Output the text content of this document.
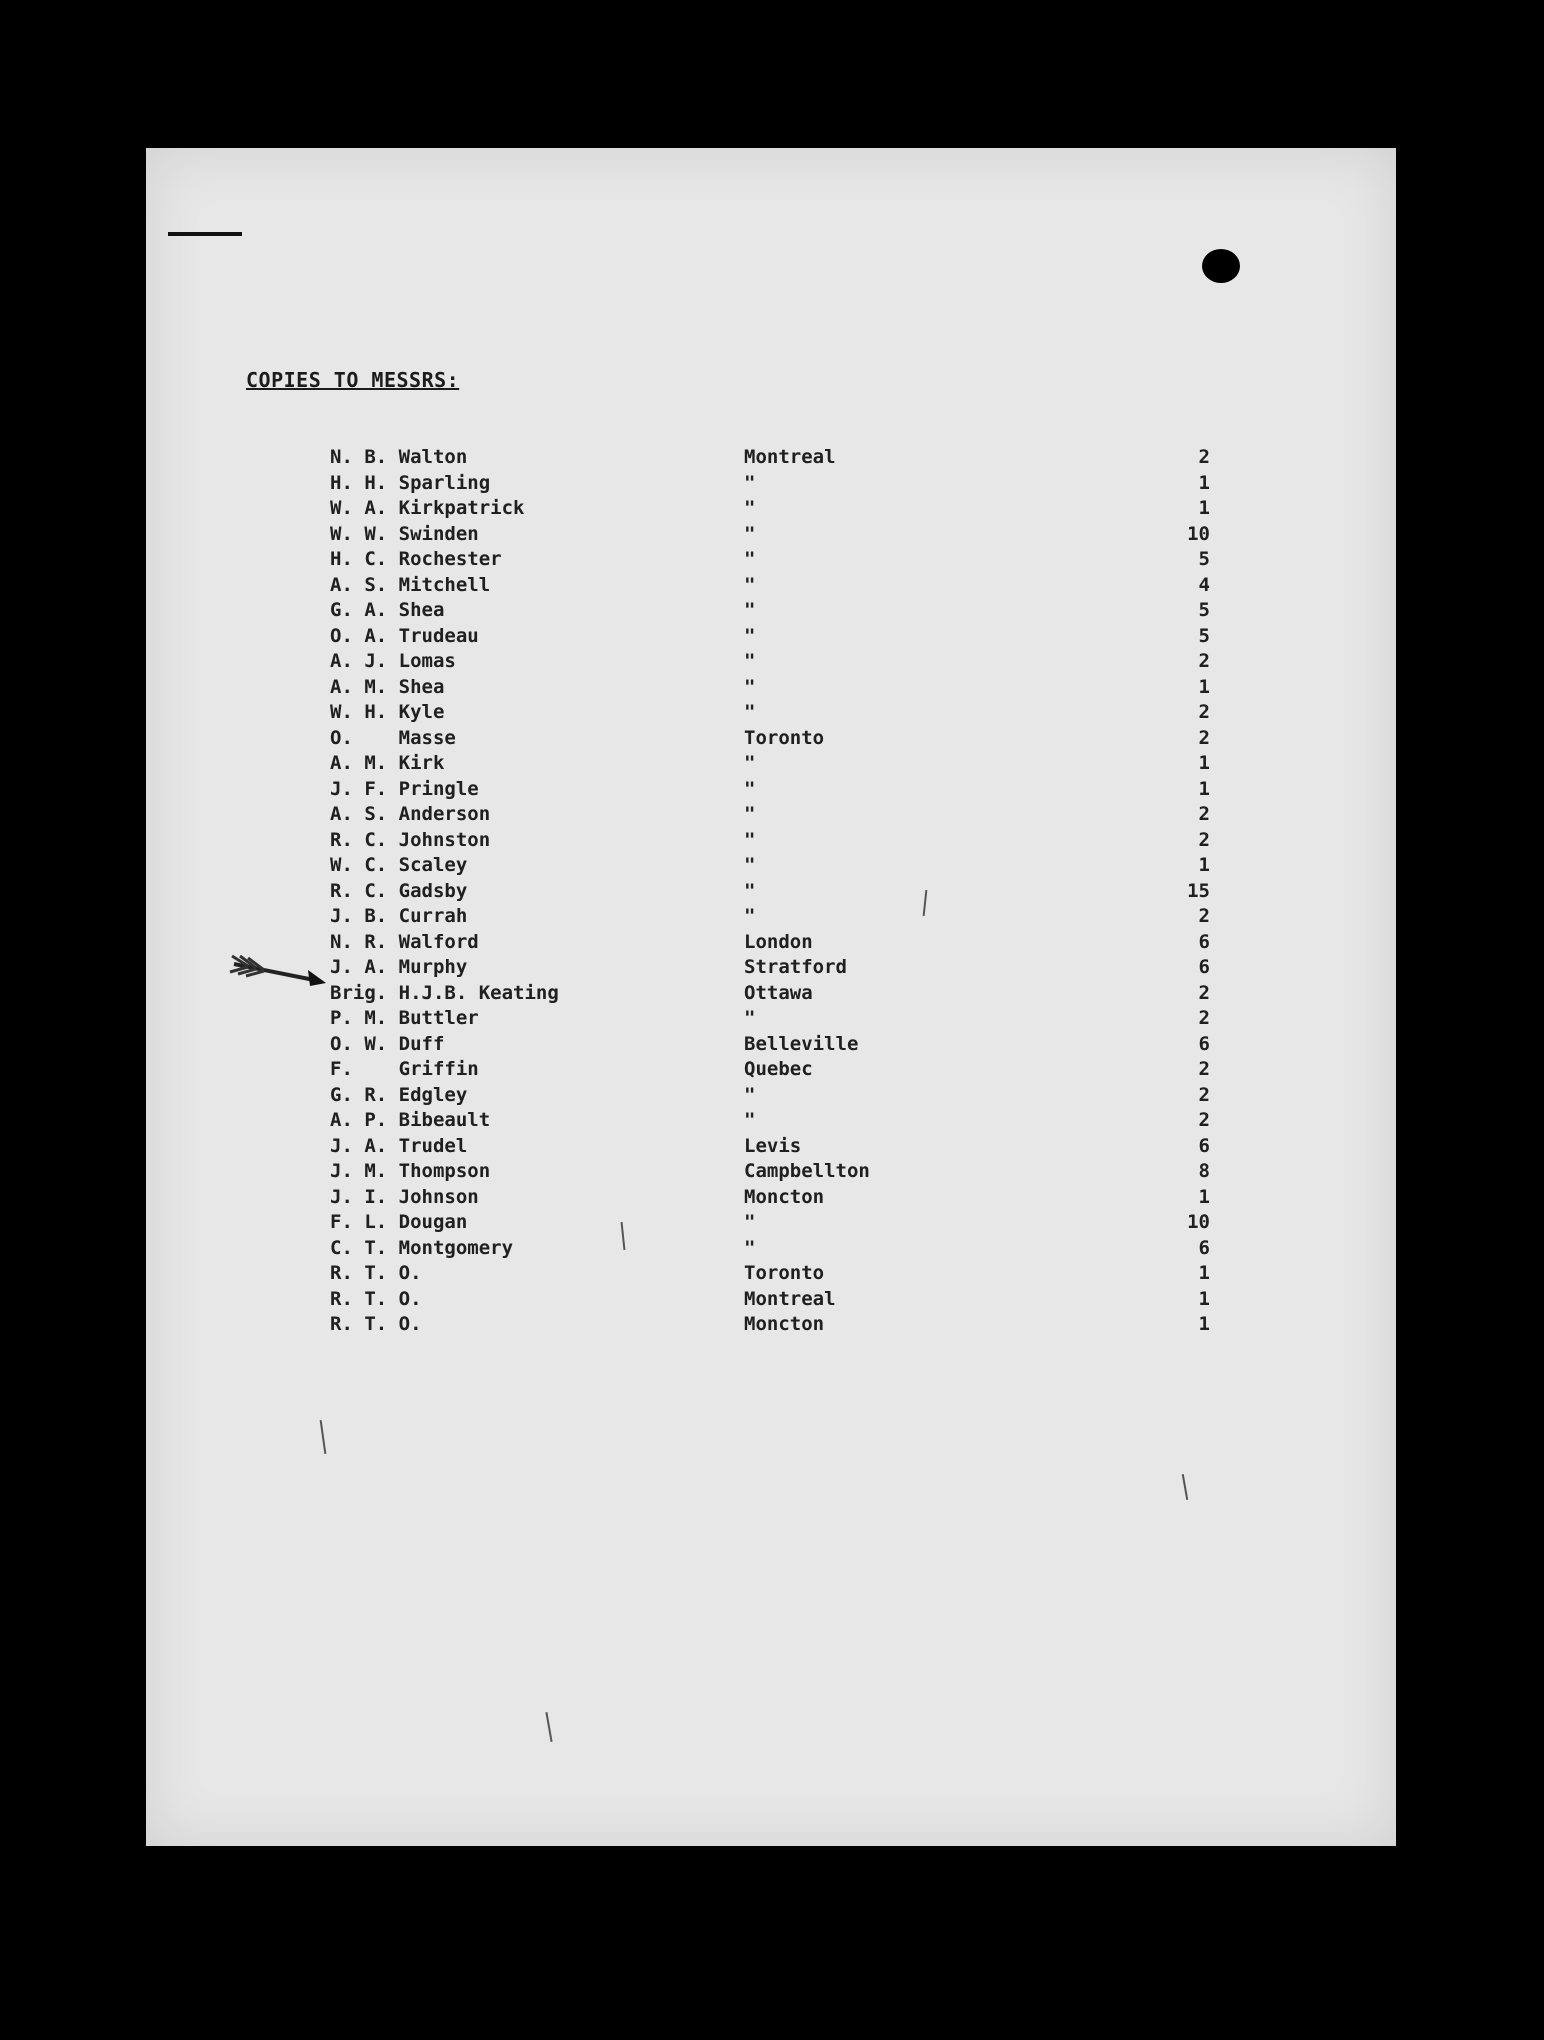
COPIES TO MESSRS:
N. B. Walton	Montreal	2
H. H. Sparling	"	1
W. A. Kirkpatrick	"	1
W. W. Swinden	"	10
H. C. Rochester	"	5
A. S. Mitchell	"	4
G. A. Shea	"	5
O. A. Trudeau	"	5
A. J. Lomas	"	2
A. M. Shea	"	1
W. H. Kyle	"	2
O.    Masse	Toronto	2
A. M. Kirk	"	1
J. F. Pringle	"	1
A. S. Anderson	"	2
R. C. Johnston	"	2
W. C. Scaley	"	1
R. C. Gadsby	"	15
J. B. Currah	"	2
N. R. Walford	London	6
J. A. Murphy	Stratford	6
Brig. H.J.B. Keating	Ottawa	2
P. M. Buttler	"	2
O. W. Duff	Belleville	6
F.    Griffin	Quebec	2
G. R. Edgley	"	2
A. P. Bibeault	"	2
J. A. Trudel	Levis	6
J. M. Thompson	Campbellton	8
J. I. Johnson	Moncton	1
F. L. Dougan	"	10
C. T. Montgomery	"	6
R. T. O.	Toronto	1
R. T. O.	Montreal	1
R. T. O.	Moncton	1
